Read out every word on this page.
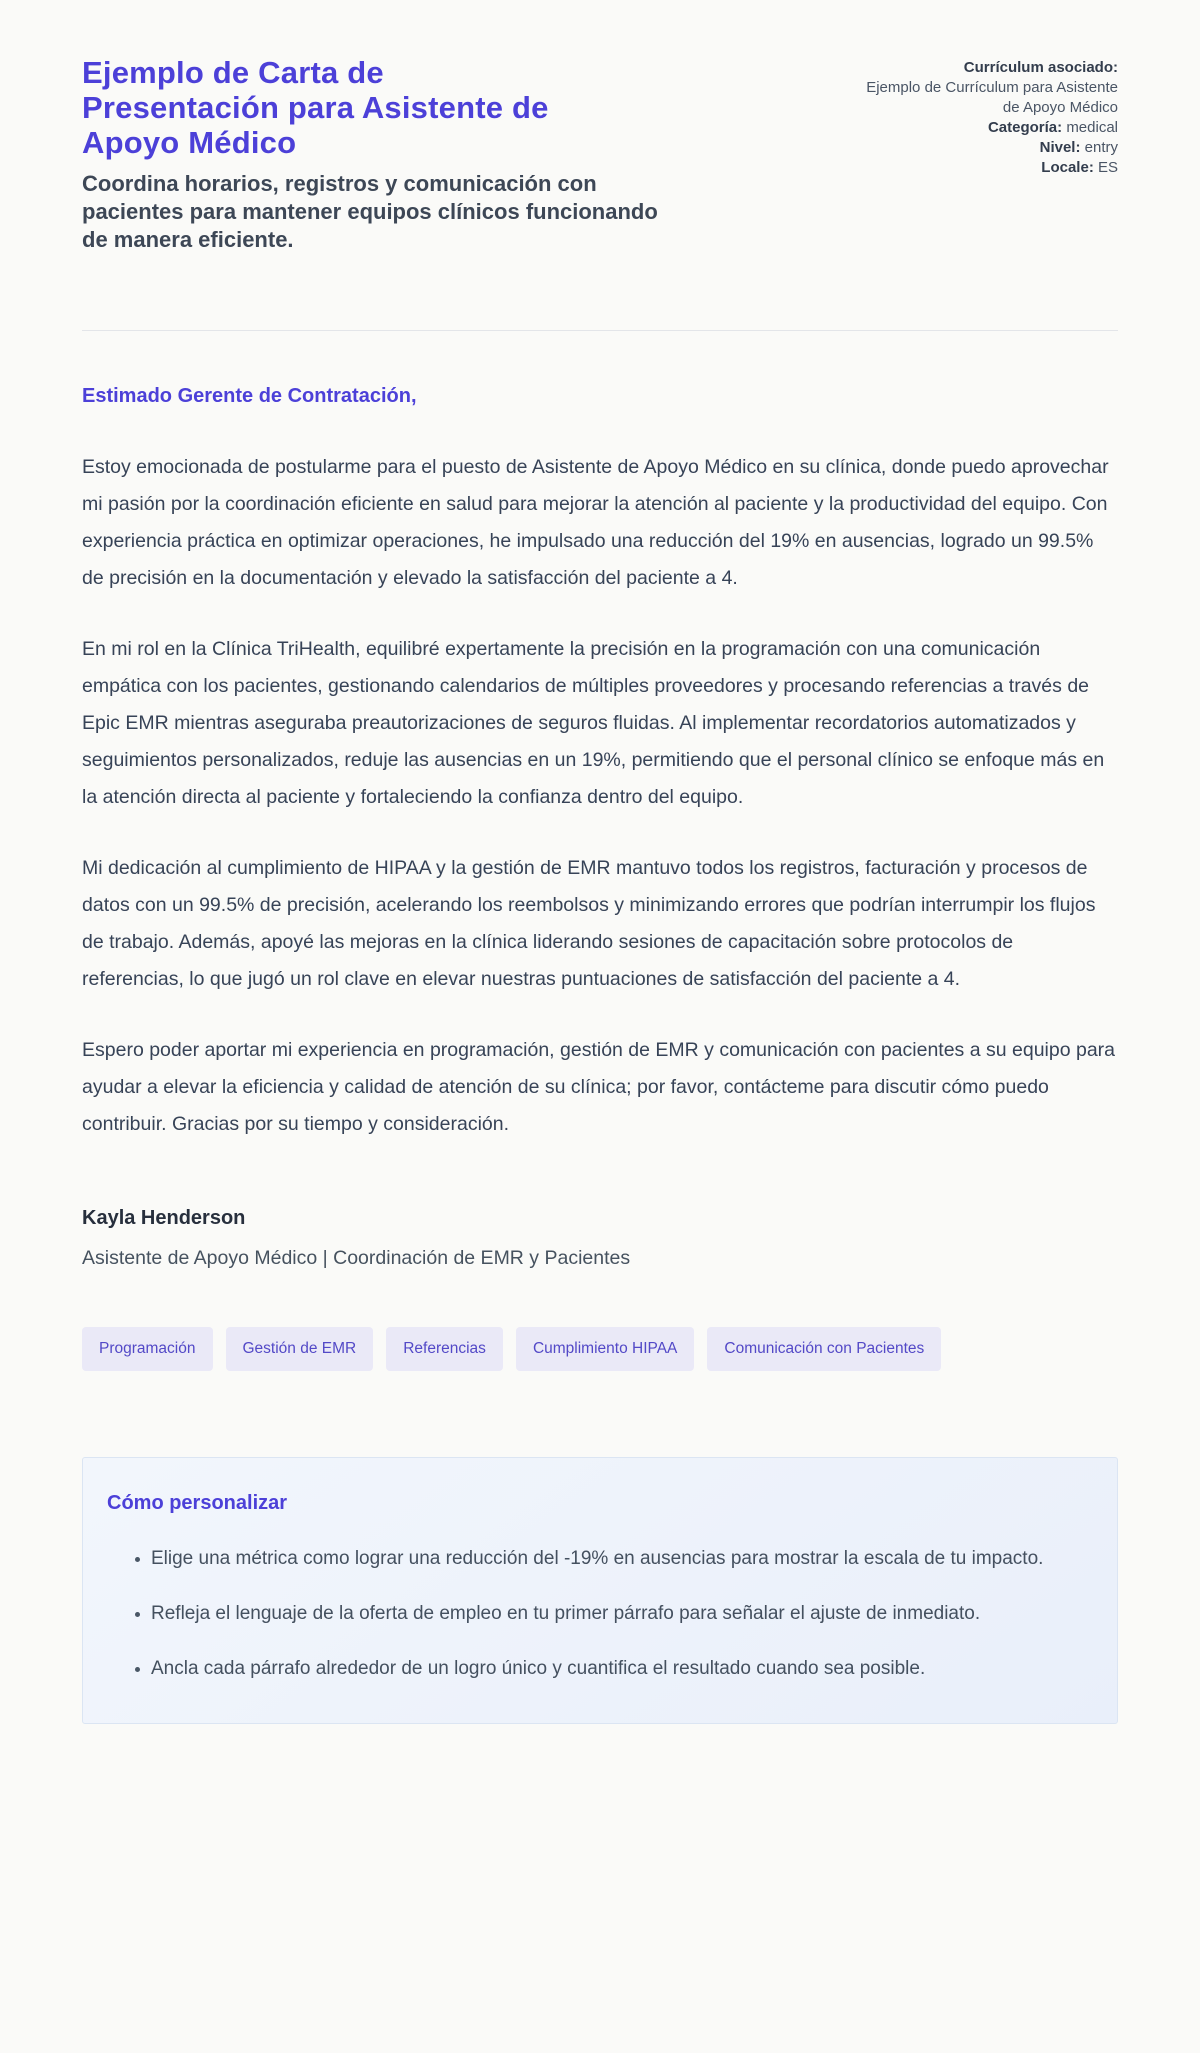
Ejemplo de Carta de Presentación para Asistente de Apoyo Médico

Coordina horarios, registros y comunicación con pacientes para mantener equipos clínicos funcionando de manera eficiente.

Currículum asociado:
Ejemplo de Currículum para Asistente de Apoyo Médico
Categoría: medical
Nivel: entry
Locale: ES

Estimado Gerente de Contratación,

Estoy emocionada de postularme para el puesto de Asistente de Apoyo Médico en su clínica, donde puedo aprovechar mi pasión por la coordinación eficiente en salud para mejorar la atención al paciente y la productividad del equipo. Con experiencia práctica en optimizar operaciones, he impulsado una reducción del 19% en ausencias, logrado un 99.5% de precisión en la documentación y elevado la satisfacción del paciente a 4.

En mi rol en la Clínica TriHealth, equilibré expertamente la precisión en la programación con una comunicación empática con los pacientes, gestionando calendarios de múltiples proveedores y procesando referencias a través de Epic EMR mientras aseguraba preautorizaciones de seguros fluidas. Al implementar recordatorios automatizados y seguimientos personalizados, reduje las ausencias en un 19%, permitiendo que el personal clínico se enfoque más en la atención directa al paciente y fortaleciendo la confianza dentro del equipo.

Mi dedicación al cumplimiento de HIPAA y la gestión de EMR mantuvo todos los registros, facturación y procesos de datos con un 99.5% de precisión, acelerando los reembolsos y minimizando errores que podrían interrumpir los flujos de trabajo. Además, apoyé las mejoras en la clínica liderando sesiones de capacitación sobre protocolos de referencias, lo que jugó un rol clave en elevar nuestras puntuaciones de satisfacción del paciente a 4.

Espero poder aportar mi experiencia en programación, gestión de EMR y comunicación con pacientes a su equipo para ayudar a elevar la eficiencia y calidad de atención de su clínica; por favor, contácteme para discutir cómo puedo contribuir. Gracias por su tiempo y consideración.

Kayla Henderson

Asistente de Apoyo Médico | Coordinación de EMR y Pacientes

Programación	Gestión de EMR	Referencias	Cumplimiento HIPAA	Comunicación con Pacientes
Cómo personalizar
• Elige una métrica como lograr una reducción del -19% en ausencias para mostrar la escala de tu impacto.
• Refleja el lenguaje de la oferta de empleo en tu primer párrafo para señalar el ajuste de inmediato.
• Ancla cada párrafo alrededor de un logro único y cuantifica el resultado cuando sea posible.
